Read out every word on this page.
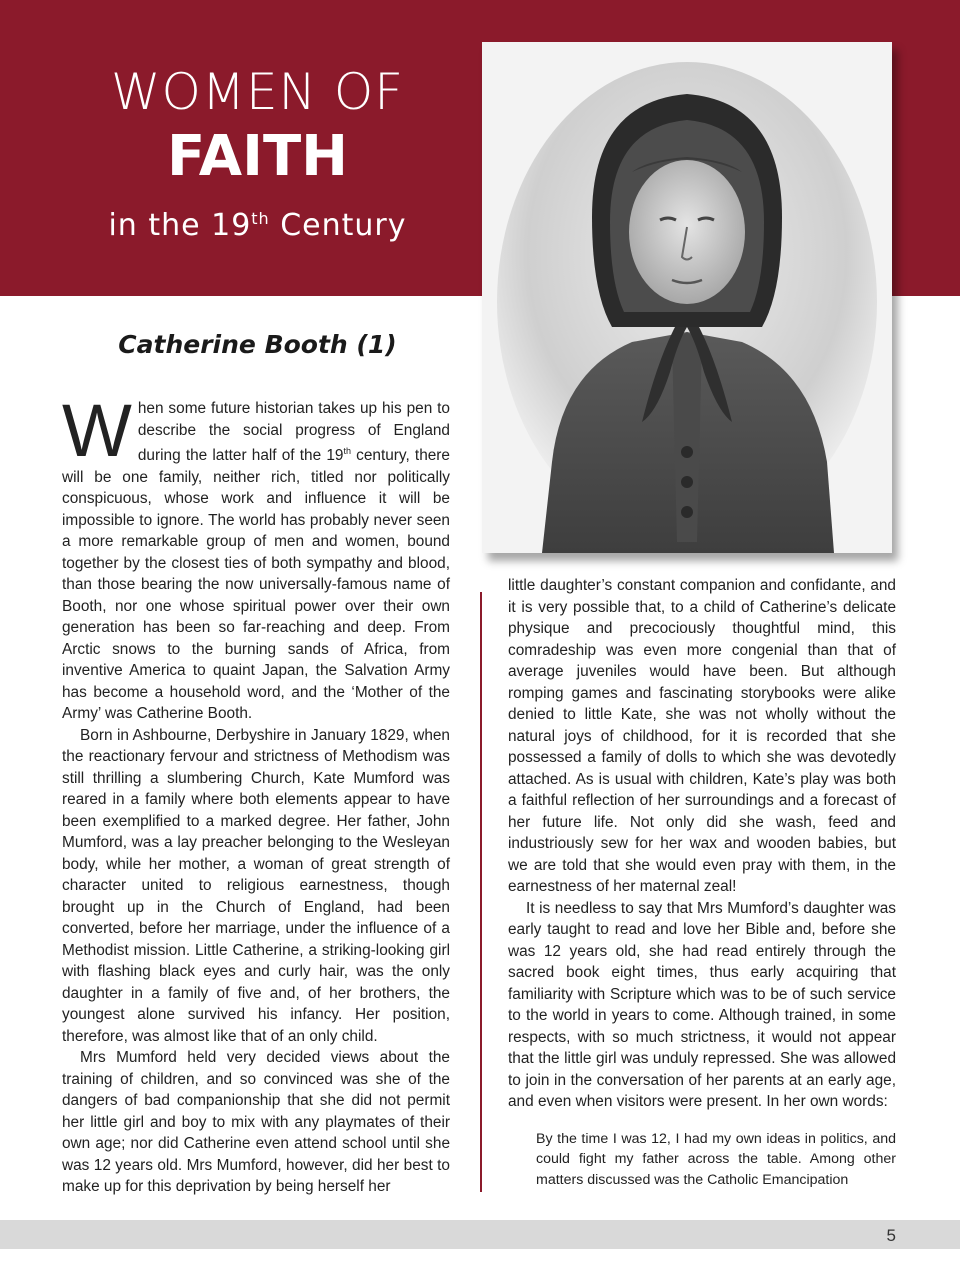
WOMEN OF
FAITH
in the 19th Century
Catherine Booth (1)

When some future historian takes up his pen to describe the social progress of England during the latter half of the 19th century, there will be one family, neither rich, titled nor politically conspicuous, whose work and influence it will be impossible to ignore. The world has probably never seen a more remarkable group of men and women, bound together by the closest ties of both sympathy and blood, than those bearing the now universally-famous name of Booth, nor one whose spiritual power over their own generation has been so far-reaching and deep. From Arctic snows to the burning sands of Africa, from inventive America to quaint Japan, the Salvation Army has become a household word, and the ‘Mother of the Army’ was Catherine Booth.

Born in Ashbourne, Derbyshire in January 1829, when the reactionary fervour and strictness of Methodism was still thrilling a slumbering Church, Kate Mumford was reared in a family where both elements appear to have been exemplified to a marked degree. Her father, John Mumford, was a lay preacher belonging to the Wesleyan body, while her mother, a woman of great strength of character united to religious earnestness, though brought up in the Church of England, had been converted, before her marriage, under the influence of a Methodist mission. Little Catherine, a striking-looking girl with flashing black eyes and curly hair, was the only daughter in a family of five and, of her brothers, the youngest alone survived his infancy. Her position, therefore, was almost like that of an only child.

Mrs Mumford held very decided views about the training of children, and so convinced was she of the dangers of bad companionship that she did not permit her little girl and boy to mix with any playmates of their own age; nor did Catherine even attend school until she was 12 years old. Mrs Mumford, however, did her best to make up for this deprivation by being herself her

little daughter’s constant companion and confidante, and it is very possible that, to a child of Catherine’s delicate physique and precociously thoughtful mind, this comradeship was even more congenial than that of average juveniles would have been. But although romping games and fascinating storybooks were alike denied to little Kate, she was not wholly without the natural joys of childhood, for it is recorded that she possessed a family of dolls to which she was devotedly attached. As is usual with children, Kate’s play was both a faithful reflection of her surroundings and a forecast of her future life. Not only did she wash, feed and industriously sew for her wax and wooden babies, but we are told that she would even pray with them, in the earnestness of her maternal zeal!

It is needless to say that Mrs Mumford’s daughter was early taught to read and love her Bible and, before she was 12 years old, she had read entirely through the sacred book eight times, thus early acquiring that familiarity with Scripture which was to be of such service to the world in years to come. Although trained, in some respects, with so much strictness, it would not appear that the little girl was unduly repressed. She was allowed to join in the conversation of her parents at an early age, and even when visitors were present. In her own words:

By the time I was 12, I had my own ideas in politics, and could fight my father across the table. Among other matters discussed was the Catholic Emancipation
5
